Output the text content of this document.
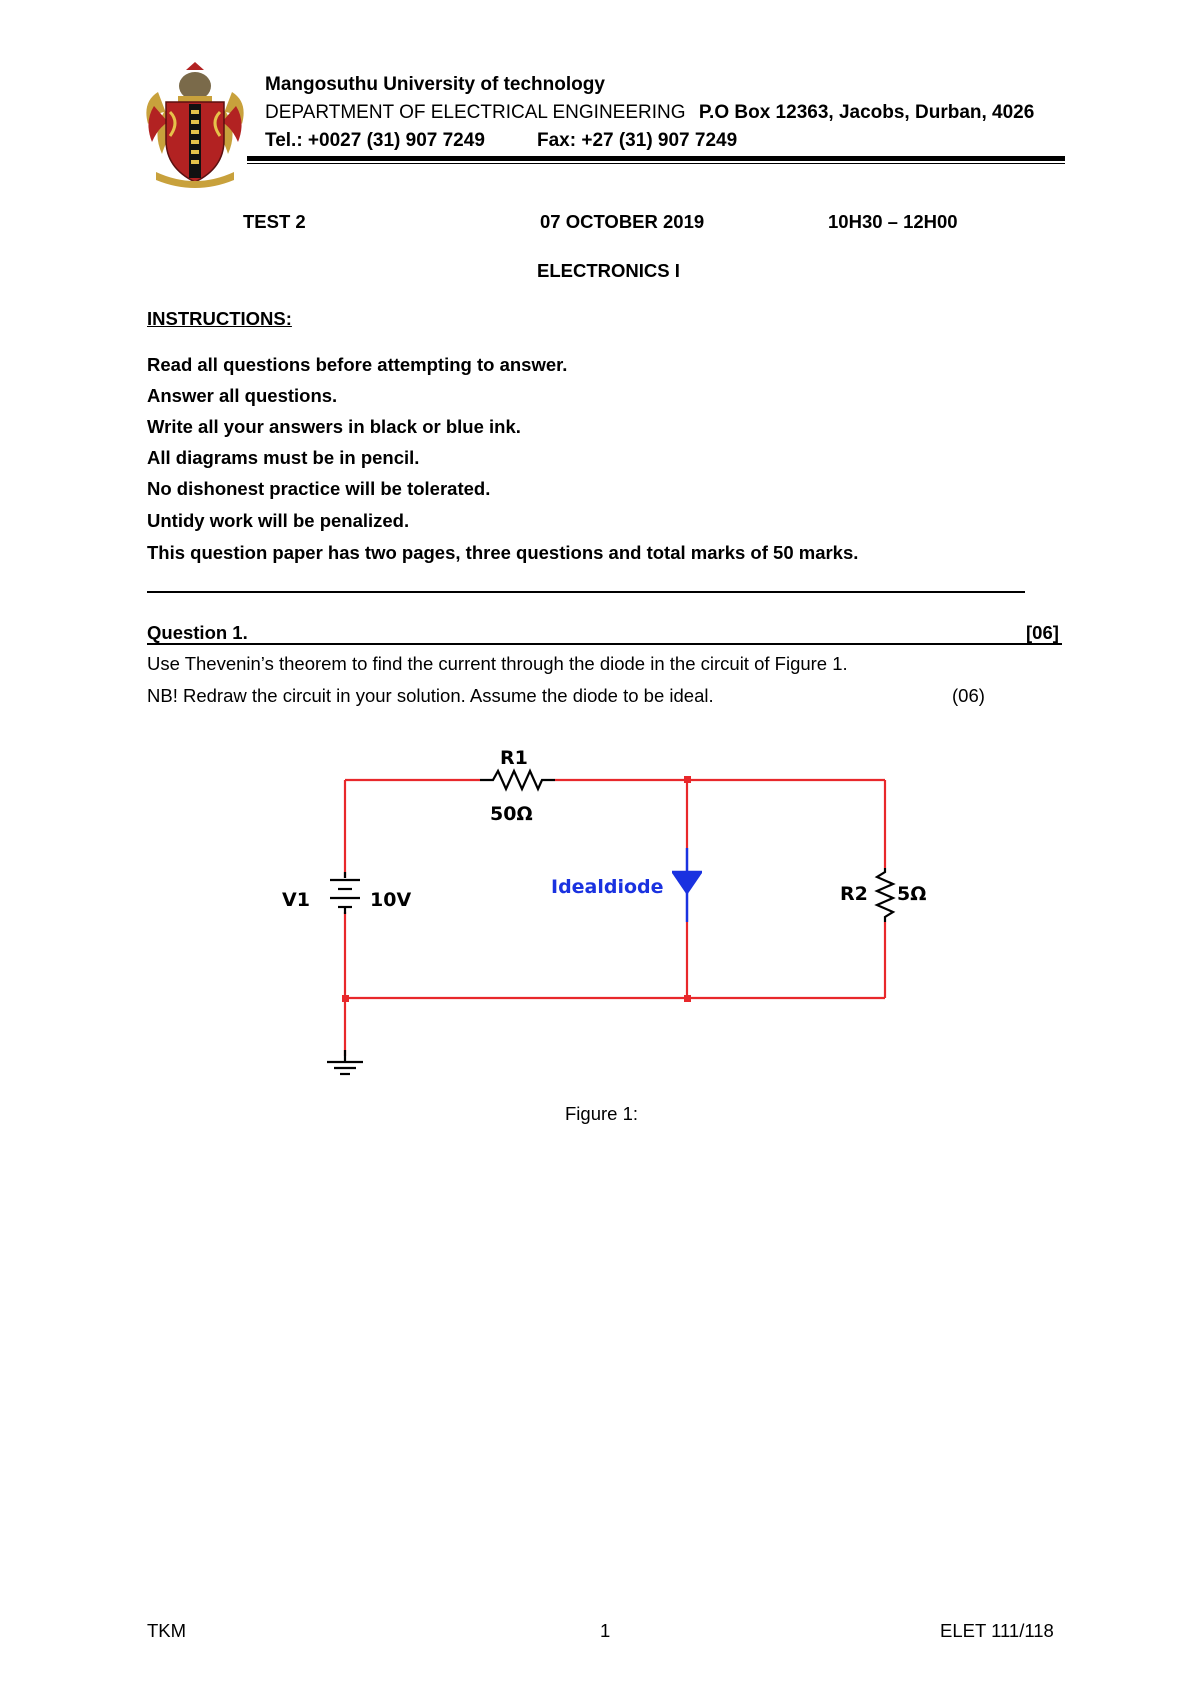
Mangosuthu University of technology
DEPARTMENT OF ELECTRICAL ENGINEERING P.O Box 12363, Jacobs, Durban, 4026
Tel.: +0027 (31) 907 7249	Fax: +27 (31) 907 7249
TEST 2	07 OCTOBER 2019	10H30 – 12H00
ELECTRONICS I
INSTRUCTIONS:
Read all questions before attempting to answer.
Answer all questions.
Write all your answers in black or blue ink.
All diagrams must be in pencil.
No dishonest practice will be tolerated.
Untidy work will be penalized.
This question paper has two pages, three questions and total marks of 50 marks.
Question 1.	[06]
Use Thevenin’s theorem to find the current through the diode in the circuit of Figure 1.
NB! Redraw the circuit in your solution. Assume the diode to be ideal.	(06)
R1
50Ω
V1	10V
Idealdiode	R2 5Ω
Figure 1:
TKM	1	ELET 111/118
